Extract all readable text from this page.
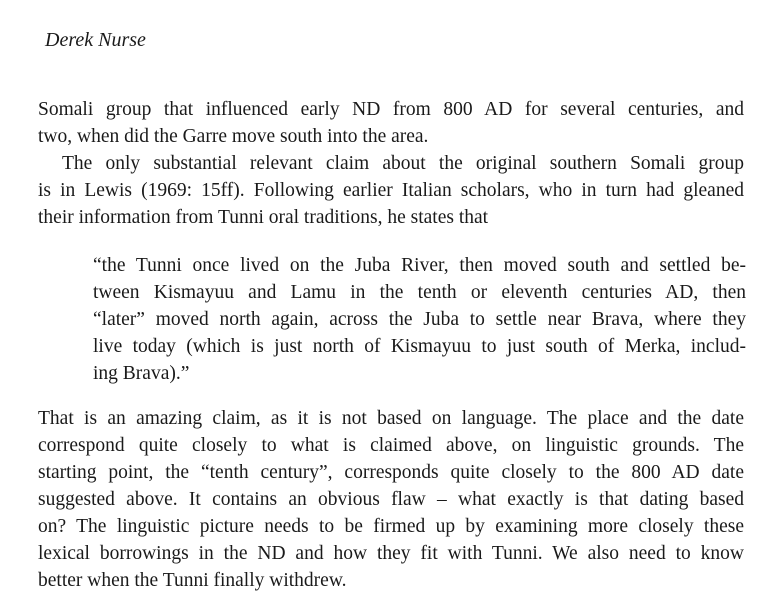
Derek Nurse
Somali group that influenced early ND from 800 AD for several centuries, and
two, when did the Garre move south into the area.
The only substantial relevant claim about the original southern Somali group
is in Lewis (1969: 15ff). Following earlier Italian scholars, who in turn had gleaned
their information from Tunni oral traditions, he states that
“the Tunni once lived on the Juba River, then moved south and settled be-
tween Kismayuu and Lamu in the tenth or eleventh centuries AD, then
“later” moved north again, across the Juba to settle near Brava, where they
live today (which is just north of Kismayuu to just south of Merka, includ-
ing Brava).”
That is an amazing claim, as it is not based on language. The place and the date
correspond quite closely to what is claimed above, on linguistic grounds. The
starting point, the “tenth century”, corresponds quite closely to the 800 AD date
suggested above. It contains an obvious flaw – what exactly is that dating based
on? The linguistic picture needs to be firmed up by examining more closely these
lexical borrowings in the ND and how they fit with Tunni. We also need to know
better when the Tunni finally withdrew.
